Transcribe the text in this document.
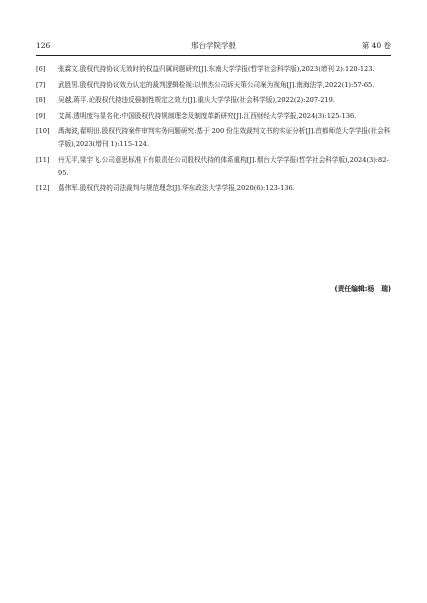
126	邢台学院学报	第 40 卷
[6] 张霖文.股权代持协议无效时的权益归属问题研究[J].东南大学学报(哲学社会科学版),2023(增刊 2):120-123.
[7] 武胜男.股权代持协议效力认定的裁判逻辑检视:以伟杰公司诉天策公司案为视角[J].南海法学,2022(1):57-65.
[8] 吴越,蒋平.论股权代持违反强制性规定之效力[J].重庆大学学报(社会科学版),2022(2):207-219.
[9] 艾蒿.透明度与显名化:中国股权代持规制理念及制度革新研究[J].江西财经大学学报,2024(3):125-136.
[10] 禹海波,翟明田.股权代持案件审判实务问题研究:基于 200 份生效裁判文书的实证分析[J].首都师范大学学报(社会科学版),2023(增刊 1):115-124.
[11] 丹无平,梁宇飞.公司意思标准下有限责任公司股权代持的体系重构[J].烟台大学学报(哲学社会科学版),2024(3):82-95.
[12] 葛伟军.股权代持的司法裁判与规范理念[J].华东政法大学学报,2020(6):123-136.
(责任编辑:杨　瑞)
